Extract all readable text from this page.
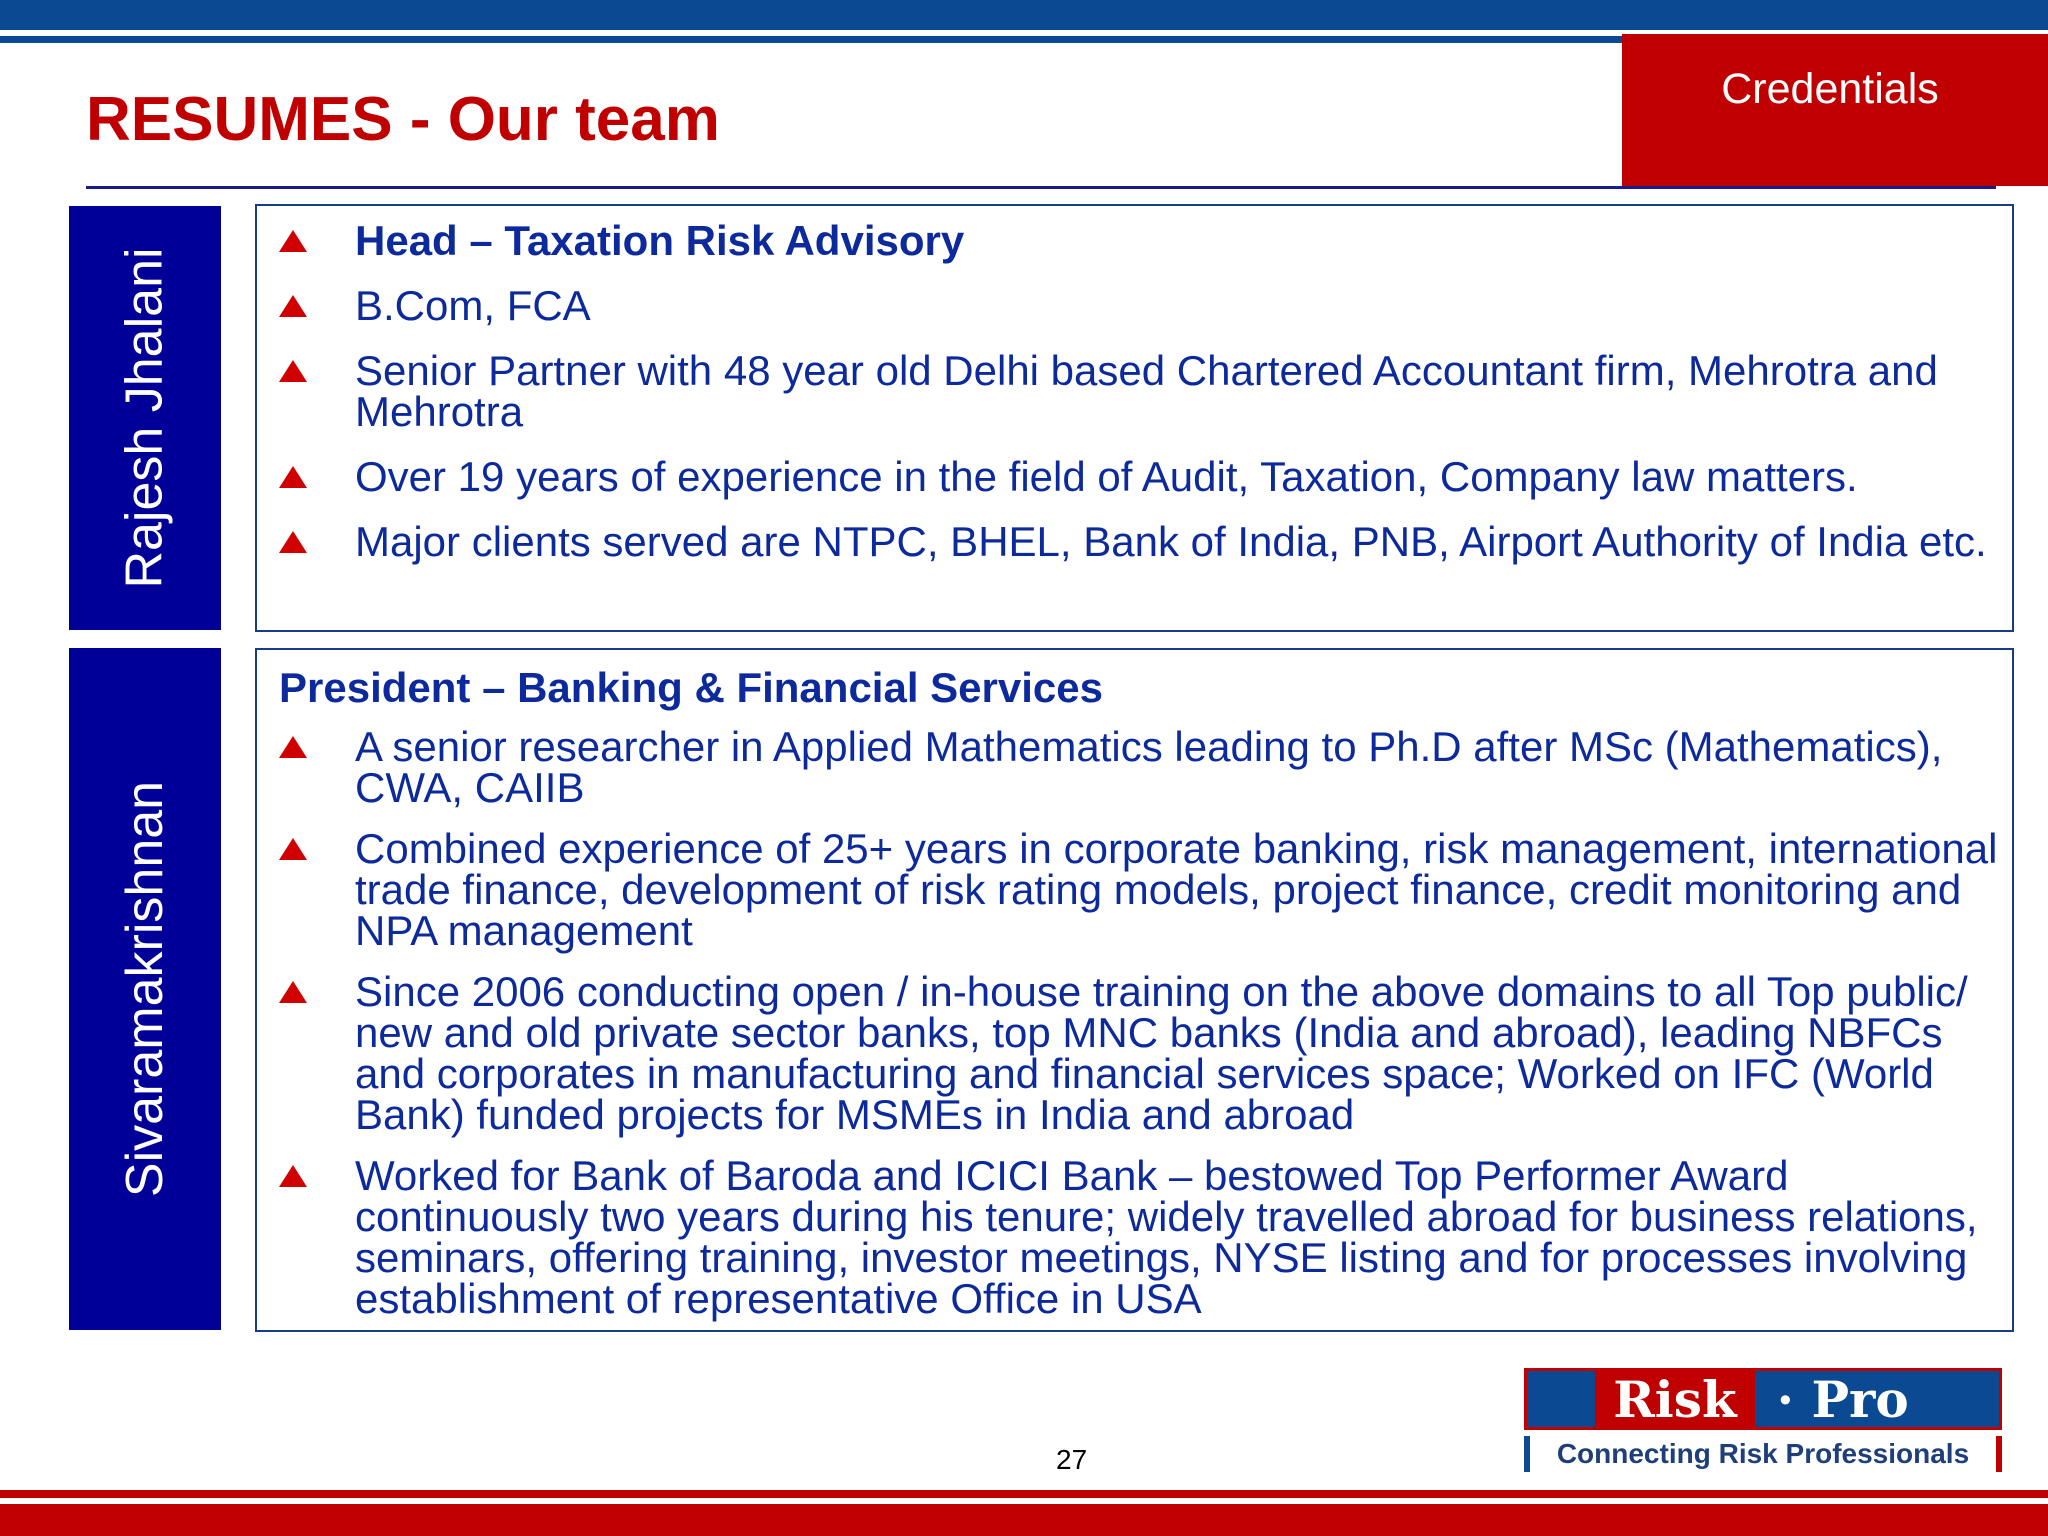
Credentials
RESUMES - Our team
Rajesh Jhalani
Head – Taxation Risk Advisory
B.Com, FCA
Senior Partner with 48 year old Delhi based Chartered Accountant firm, Mehrotra and Mehrotra
Over 19 years of experience in the field of Audit, Taxation, Company law matters.
Major clients served are NTPC, BHEL, Bank of India, PNB, Airport Authority of India etc.
Sivaramakrishnan
President – Banking & Financial Services
A senior researcher in Applied Mathematics leading to Ph.D after MSc (Mathematics), CWA, CAIIB
Combined experience of 25+ years in corporate banking, risk management, international trade finance, development of risk rating models, project finance, credit monitoring and NPA management
Since 2006 conducting open / in-house training on the above domains to all Top public/ new and old private sector banks, top MNC banks (India and abroad), leading NBFCs and corporates in manufacturing and financial services space; Worked on IFC (World Bank) funded projects for MSMEs in India and abroad
Worked for Bank of Baroda and ICICI Bank – bestowed Top Performer Award continuously two years during his tenure; widely travelled abroad for business relations, seminars, offering training, investor meetings, NYSE listing and for processes involving establishment of representative Office in USA
27
Risk · Pro
Connecting Risk Professionals
